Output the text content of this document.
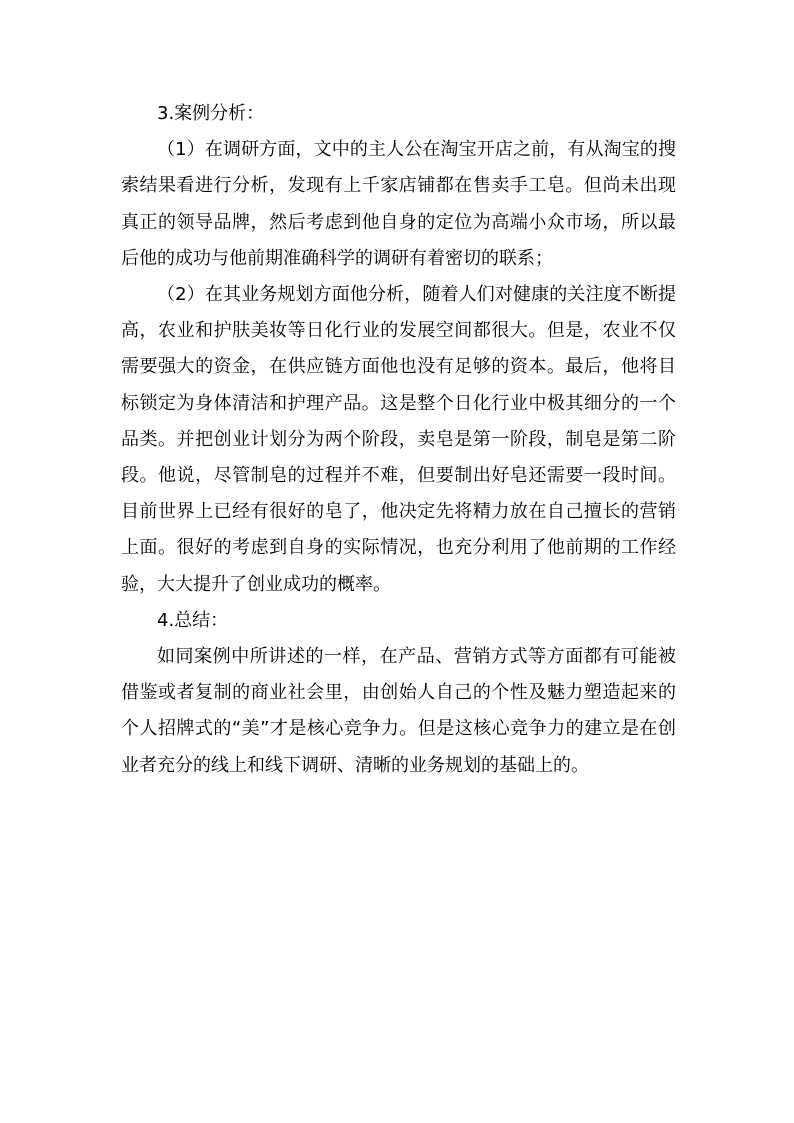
3.案例分析：

（1）在调研方面，文中的主人公在淘宝开店之前，有从淘宝的搜索结果看进行分析，发现有上千家店铺都在售卖手工皂。但尚未出现真正的领导品牌，然后考虑到他自身的定位为高端小众市场，所以最后他的成功与他前期准确科学的调研有着密切的联系；

（2）在其业务规划方面他分析，随着人们对健康的关注度不断提高，农业和护肤美妆等日化行业的发展空间都很大。但是，农业不仅需要强大的资金，在供应链方面他也没有足够的资本。最后，他将目标锁定为身体清洁和护理产品。这是整个日化行业中极其细分的一个品类。并把创业计划分为两个阶段，卖皂是第一阶段，制皂是第二阶段。他说，尽管制皂的过程并不难，但要制出好皂还需要一段时间。目前世界上已经有很好的皂了，他决定先将精力放在自己擅长的营销上面。很好的考虑到自身的实际情况，也充分利用了他前期的工作经验，大大提升了创业成功的概率。

4.总结：

如同案例中所讲述的一样，在产品、营销方式等方面都有可能被借鉴或者复制的商业社会里，由创始人自己的个性及魅力塑造起来的个人招牌式的“美”才是核心竞争力。但是这核心竞争力的建立是在创业者充分的线上和线下调研、清晰的业务规划的基础上的。
